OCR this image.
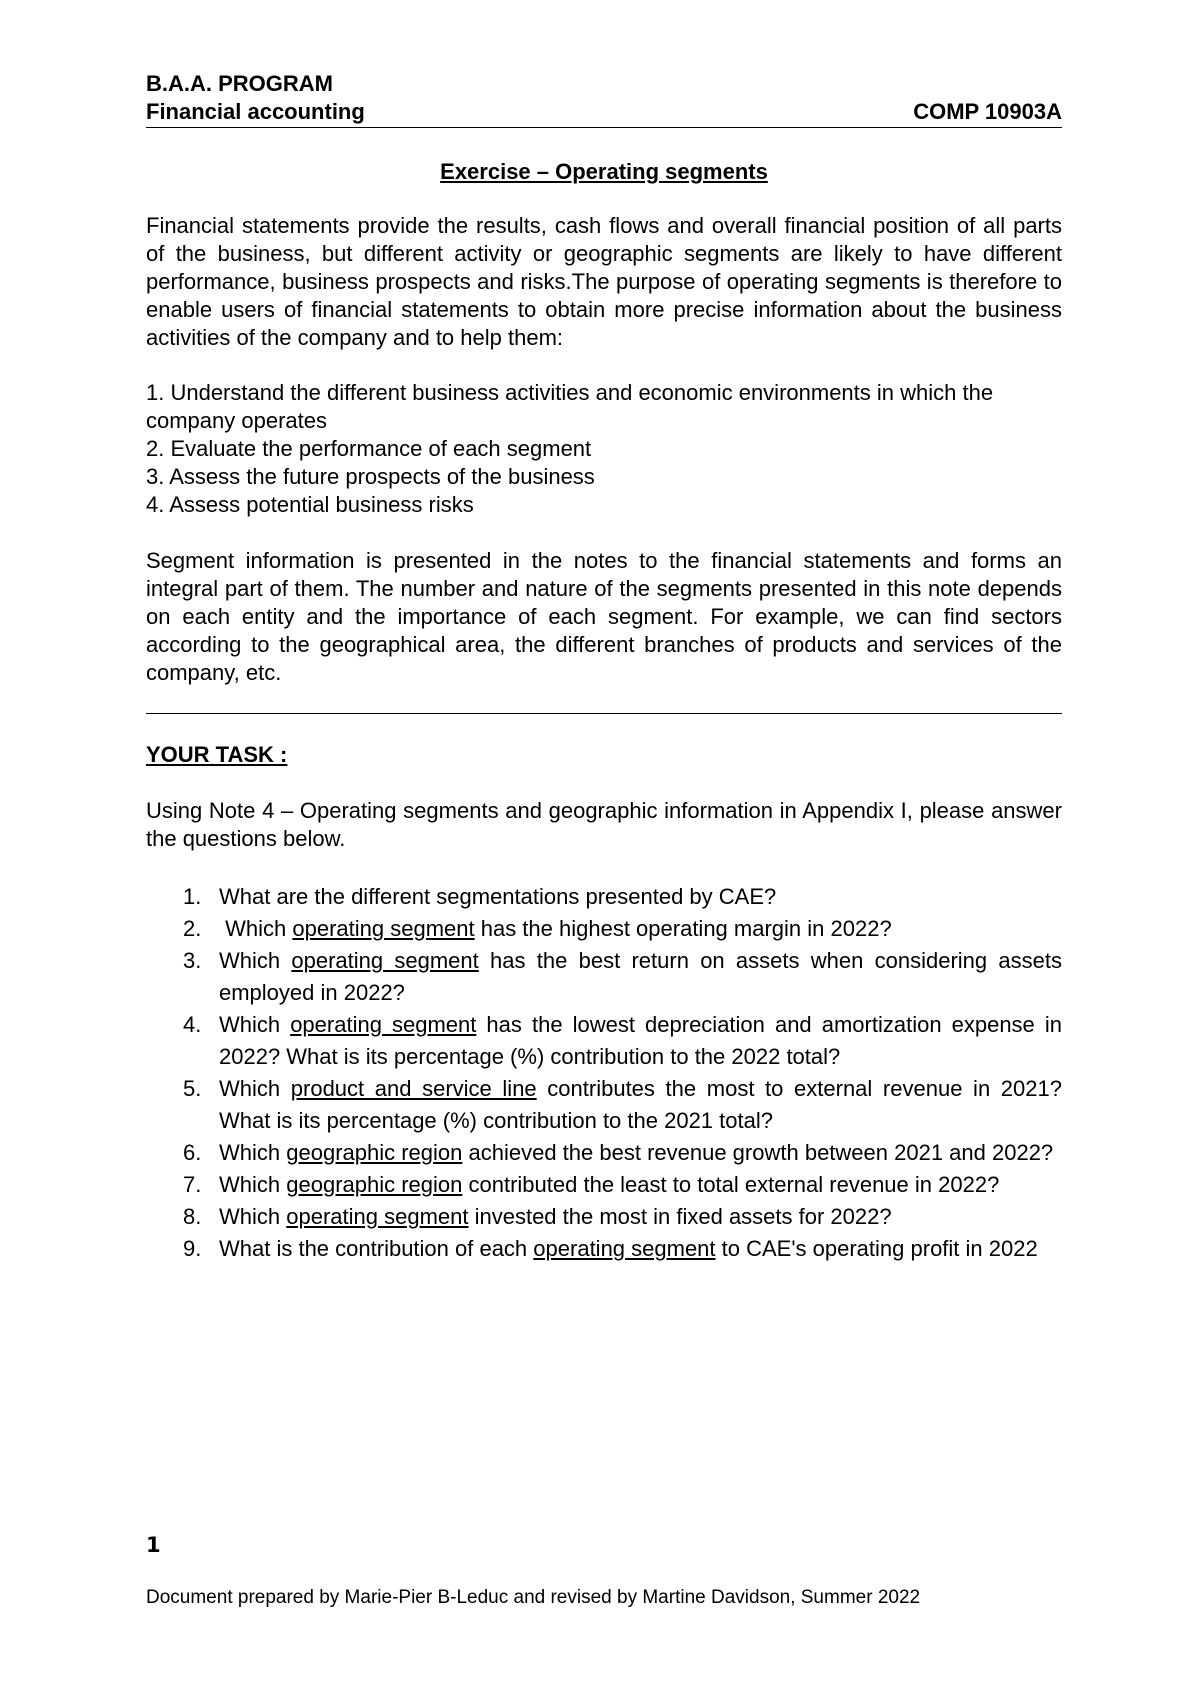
B.A.A. PROGRAM
Financial accounting	COMP 10903A
Exercise – Operating segments

Financial statements provide the results, cash flows and overall financial position of all parts of the business, but different activity or geographic segments are likely to have different performance, business prospects and risks.The purpose of operating segments is therefore to enable users of financial statements to obtain more precise information about the business activities of the company and to help them:

1. Understand the different business activities and economic environments in which the company operates

2. Evaluate the performance of each segment

3. Assess the future prospects of the business

4. Assess potential business risks

Segment information is presented in the notes to the financial statements and forms an integral part of them. The number and nature of the segments presented in this note depends on each entity and the importance of each segment. For example, we can find sectors according to the geographical area, the different branches of products and services of the company, etc.

YOUR TASK :

Using Note 4 – Operating segments and geographic information in Appendix I, please answer the questions below.

1. What are the different segmentations presented by CAE?
2. Which operating segment has the highest operating margin in 2022?
3. Which operating segment has the best return on assets when considering assets employed in 2022?
4. Which operating segment has the lowest depreciation and amortization expense in 2022? What is its percentage (%) contribution to the 2022 total?
5. Which product and service line contributes the most to external revenue in 2021? What is its percentage (%) contribution to the 2021 total?
6. Which geographic region achieved the best revenue growth between 2021 and 2022?
7. Which geographic region contributed the least to total external revenue in 2022?
8. Which operating segment invested the most in fixed assets for 2022?
9. What is the contribution of each operating segment to CAE's operating profit in 2022
1
Document prepared by Marie-Pier B-Leduc and revised by Martine Davidson, Summer 2022
